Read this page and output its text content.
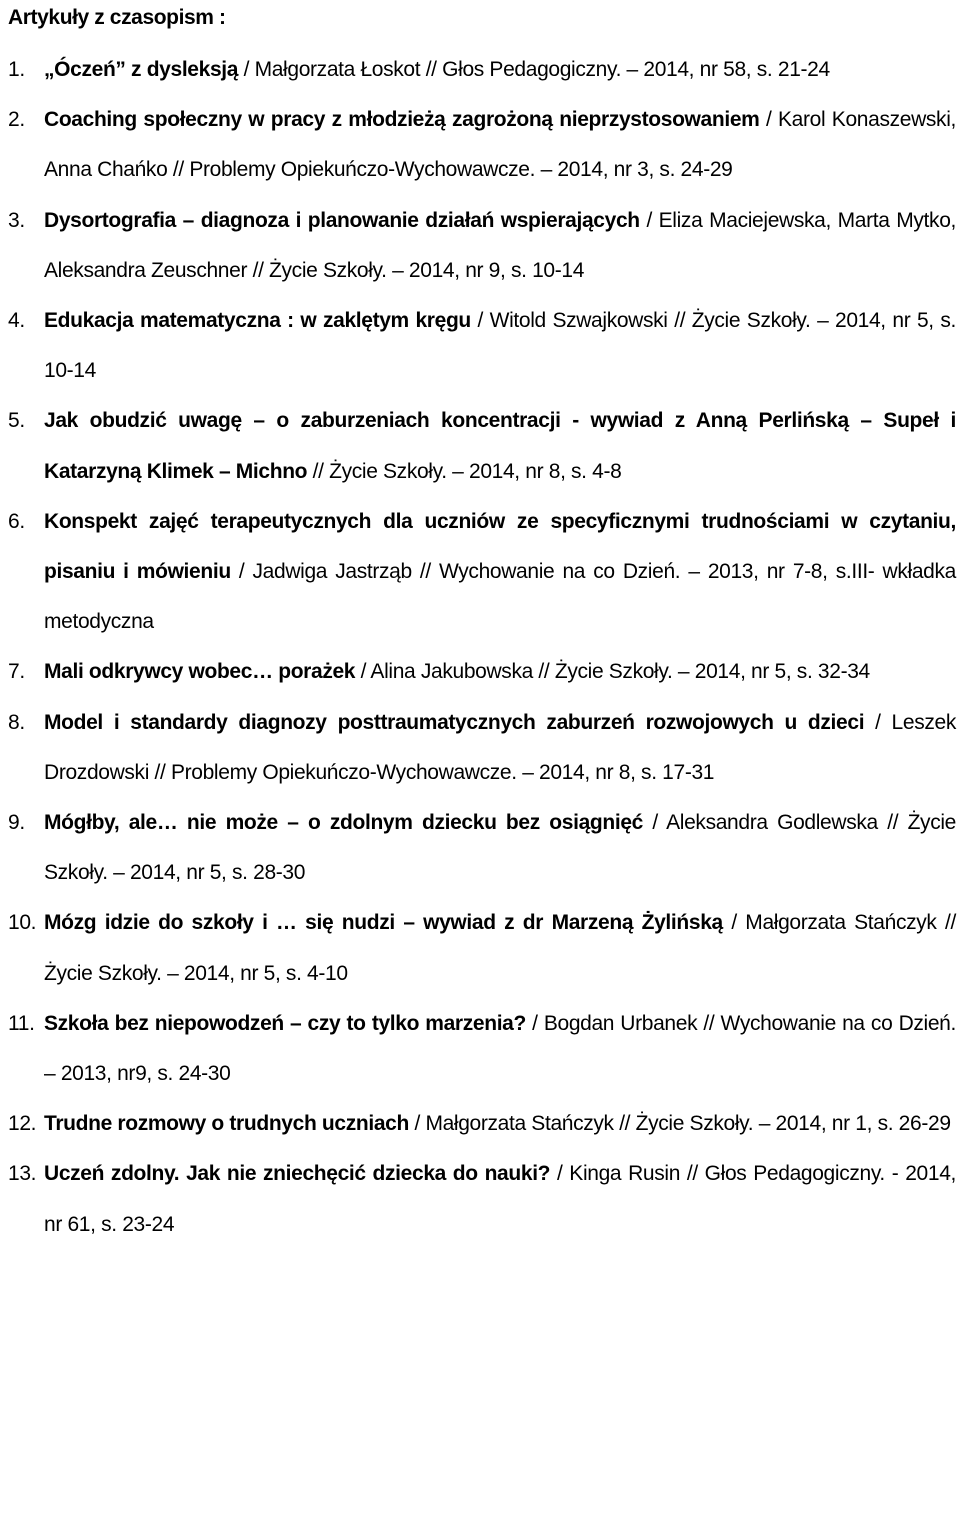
Artykuły z czasopism :
1. „Óczeń” z dysleksją / Małgorzata Łoskot // Głos Pedagogiczny. – 2014, nr 58, s. 21-24
2. Coaching społeczny w pracy z młodzieżą zagrożoną nieprzystosowaniem / Karol Konaszewski, Anna Chańko // Problemy Opiekuńczo-Wychowawcze. – 2014, nr 3, s. 24-29
3. Dysortografia – diagnoza i planowanie działań wspierających / Eliza Maciejewska, Marta Mytko, Aleksandra Zeuschner // Życie Szkoły. – 2014, nr 9, s. 10-14
4. Edukacja matematyczna : w zaklętym kręgu / Witold Szwajkowski // Życie Szkoły. – 2014, nr 5, s. 10-14
5. Jak obudzić uwagę – o zaburzeniach koncentracji - wywiad z Anną Perlińską – Supeł i Katarzyną Klimek – Michno // Życie Szkoły. – 2014, nr 8, s. 4-8
6. Konspekt zajęć terapeutycznych dla uczniów ze specyficznymi trudnościami w czytaniu, pisaniu i mówieniu / Jadwiga Jastrząb // Wychowanie na co Dzień. – 2013, nr 7-8, s.III- wkładka metodyczna
7. Mali odkrywcy wobec… porażek / Alina Jakubowska // Życie Szkoły. – 2014, nr 5, s. 32-34
8. Model i standardy diagnozy posttraumatycznych zaburzeń rozwojowych u dzieci / Leszek Drozdowski // Problemy Opiekuńczo-Wychowawcze. – 2014, nr 8, s. 17-31
9. Mógłby, ale… nie może – o zdolnym dziecku bez osiągnięć / Aleksandra Godlewska // Życie Szkoły. – 2014, nr 5, s. 28-30
10. Mózg idzie do szkoły i … się nudzi – wywiad z dr Marzeną Żylińską / Małgorzata Stańczyk // Życie Szkoły. – 2014, nr 5, s. 4-10
11. Szkoła bez niepowodzeń – czy to tylko marzenia? / Bogdan Urbanek // Wychowanie na co Dzień. – 2013, nr9, s. 24-30
12. Trudne rozmowy o trudnych uczniach / Małgorzata Stańczyk // Życie Szkoły. – 2014, nr 1, s. 26-29
13. Uczeń zdolny. Jak nie zniechęcić dziecka do nauki? / Kinga Rusin // Głos Pedagogiczny. - 2014, nr 61, s. 23-24
